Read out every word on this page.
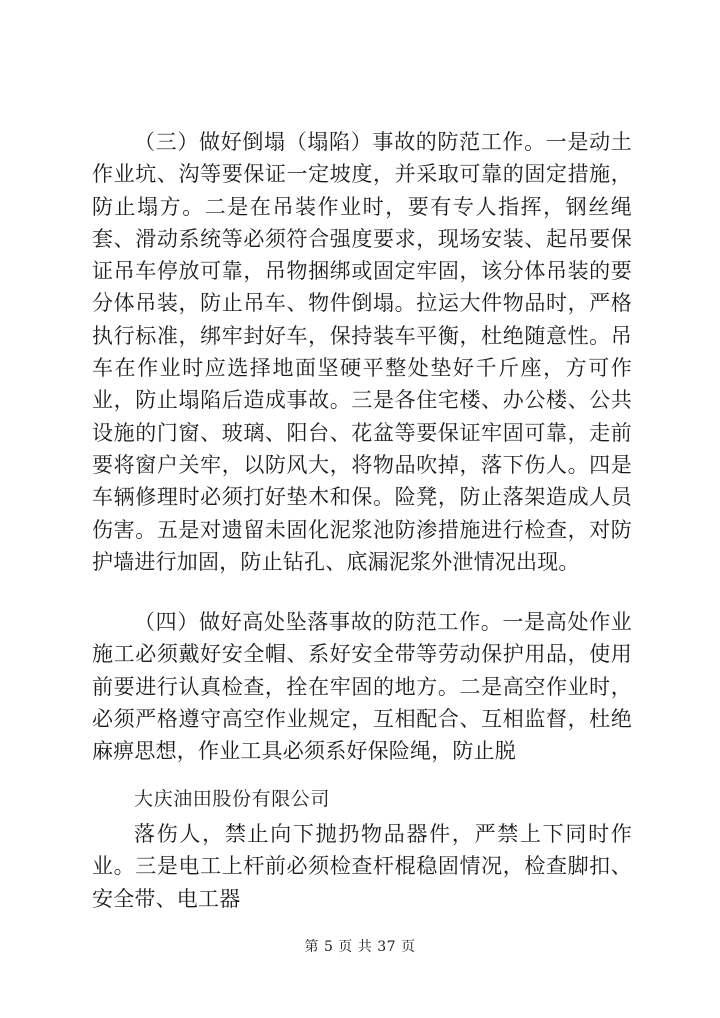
（三）做好倒塌（塌陷）事故的防范工作。一是动土作业坑、沟等要保证一定坡度，并采取可靠的固定措施，防止塌方。二是在吊装作业时，要有专人指挥，钢丝绳套、滑动系统等必须符合强度要求，现场安装、起吊要保证吊车停放可靠，吊物捆绑或固定牢固，该分体吊装的要分体吊装，防止吊车、物件倒塌。拉运大件物品时，严格执行标准，绑牢封好车，保持装车平衡，杜绝随意性。吊车在作业时应选择地面坚硬平整处垫好千斤座，方可作业，防止塌陷后造成事故。三是各住宅楼、办公楼、公共设施的门窗、玻璃、阳台、花盆等要保证牢固可靠，走前要将窗户关牢，以防风大，将物品吹掉，落下伤人。四是车辆修理时必须打好垫木和保。险凳，防止落架造成人员伤害。五是对遗留未固化泥浆池防渗措施进行检查，对防护墙进行加固，防止钻孔、底漏泥浆外泄情况出现。

（四）做好高处坠落事故的防范工作。一是高处作业施工必须戴好安全帽、系好安全带等劳动保护用品，使用前要进行认真检查，拴在牢固的地方。二是高空作业时，必须严格遵守高空作业规定，互相配合、互相监督，杜绝麻痹思想，作业工具必须系好保险绳，防止脱

大庆油田股份有限公司

落伤人，禁止向下抛扔物品器件，严禁上下同时作业。三是电工上杆前必须检查杆棍稳固情况，检查脚扣、安全带、电工器

第 5 页 共 37 页
